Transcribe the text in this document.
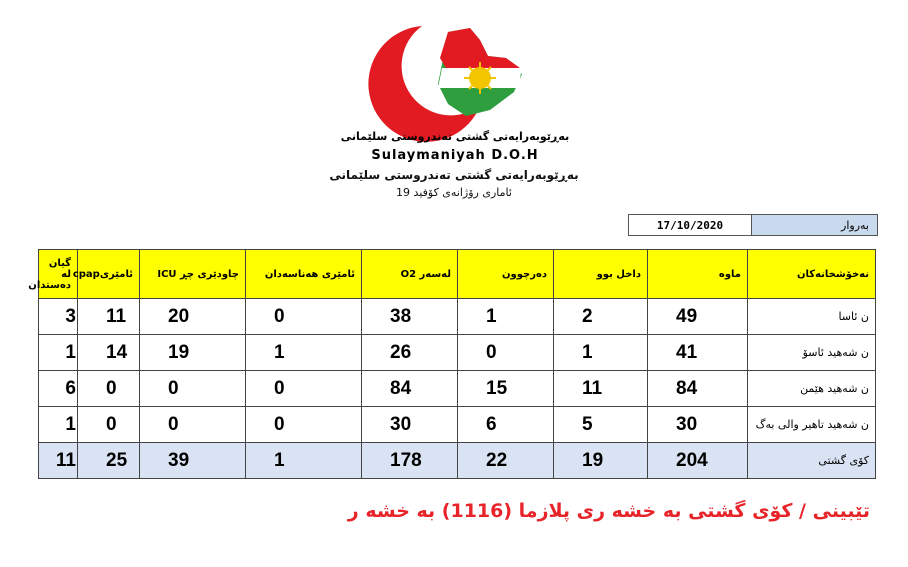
بەڕێوبەرایەتی گشتی تەندروستی سلێمانی
Sulaymaniyah D.O.H
بەڕێوبەرایەتی گشتی تەندروستی سلێمانی
ئاماری رۆژانەی کۆفید 19
بەروار
17/10/2020
نەخۆشخانەکان	ماوە	داخل بوو	دەرچوون	لەسەر O2	ئامێری هەناسەدان	چاودێری چڕ ICU	ئامێریcpap	گیان لە دەستدان
ن ئاسا	49	2	1	38	0	20	11	3
ن شەهید ئاسۆ	41	1	0	26	1	19	14	1
ن شەهید هێمن	84	11	15	84	0	0	0	6
ن شەهید تاهیر والی بەگ	30	5	6	30	0	0	0	1
کۆی گشتی	204	19	22	178	1	39	25	11
تێبینی / کۆی گشتی بە خشە ری پلازما (1116) بە خشە ر
